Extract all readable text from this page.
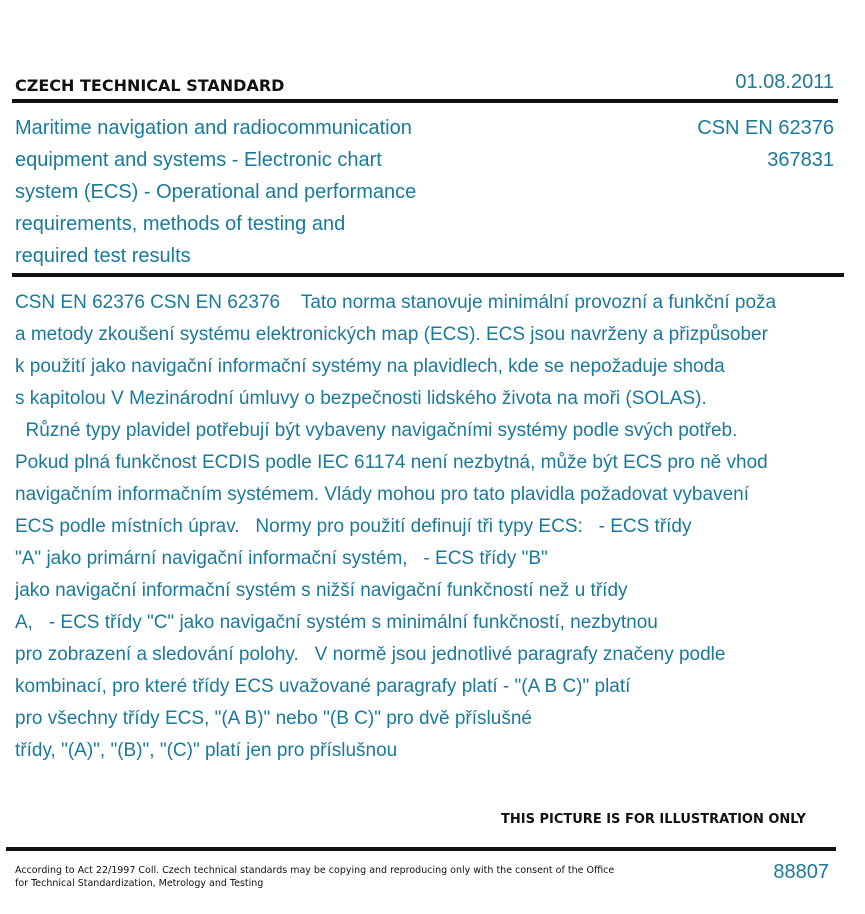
CZECH TECHNICAL STANDARD	01.08.2011
Maritime navigation and radiocommunication
equipment and systems - Electronic chart
system (ECS) - Operational and performance
requirements, methods of testing and
required test results
CSN EN 62376
367831
CSN EN 62376 CSN EN 62376    Tato norma stanovuje minimální provozní a funkční poža
a metody zkoušení systému elektronických map (ECS). ECS jsou navrženy a přizpůsober
k použití jako navigační informační systémy na plavidlech, kde se nepožaduje shoda
s kapitolou V Mezinárodní úmluvy o bezpečnosti lidského života na moři (SOLAS).
Různé typy plavidel potřebují být vybaveny navigačními systémy podle svých potřeb.
Pokud plná funkčnost ECDIS podle IEC 61174 není nezbytná, může být ECS pro ně vhod
navigačním informačním systémem. Vlády mohou pro tato plavidla požadovat vybavení
ECS podle místních úprav.   Normy pro použití definují tři typy ECS:   - ECS třídy
"A" jako primární navigační informační systém,   - ECS třídy "B"
jako navigační informační systém s nižší navigační funkčností než u třídy
A,   - ECS třídy "C" jako navigační systém s minimální funkčností, nezbytnou
pro zobrazení a sledování polohy.   V normě jsou jednotlivé paragrafy značeny podle
kombinací, pro které třídy ECS uvažované paragrafy platí - "(A B C)" platí
pro všechny třídy ECS, "(A B)" nebo "(B C)" pro dvě příslušné
třídy, "(A)", "(B)", "(C)" platí jen pro příslušnou
THIS PICTURE IS FOR ILLUSTRATION ONLY
According to Act 22/1997 Coll. Czech technical standards may be copying and reproducing only with the consent of the Office
for Technical Standardization, Metrology and Testing
88807
